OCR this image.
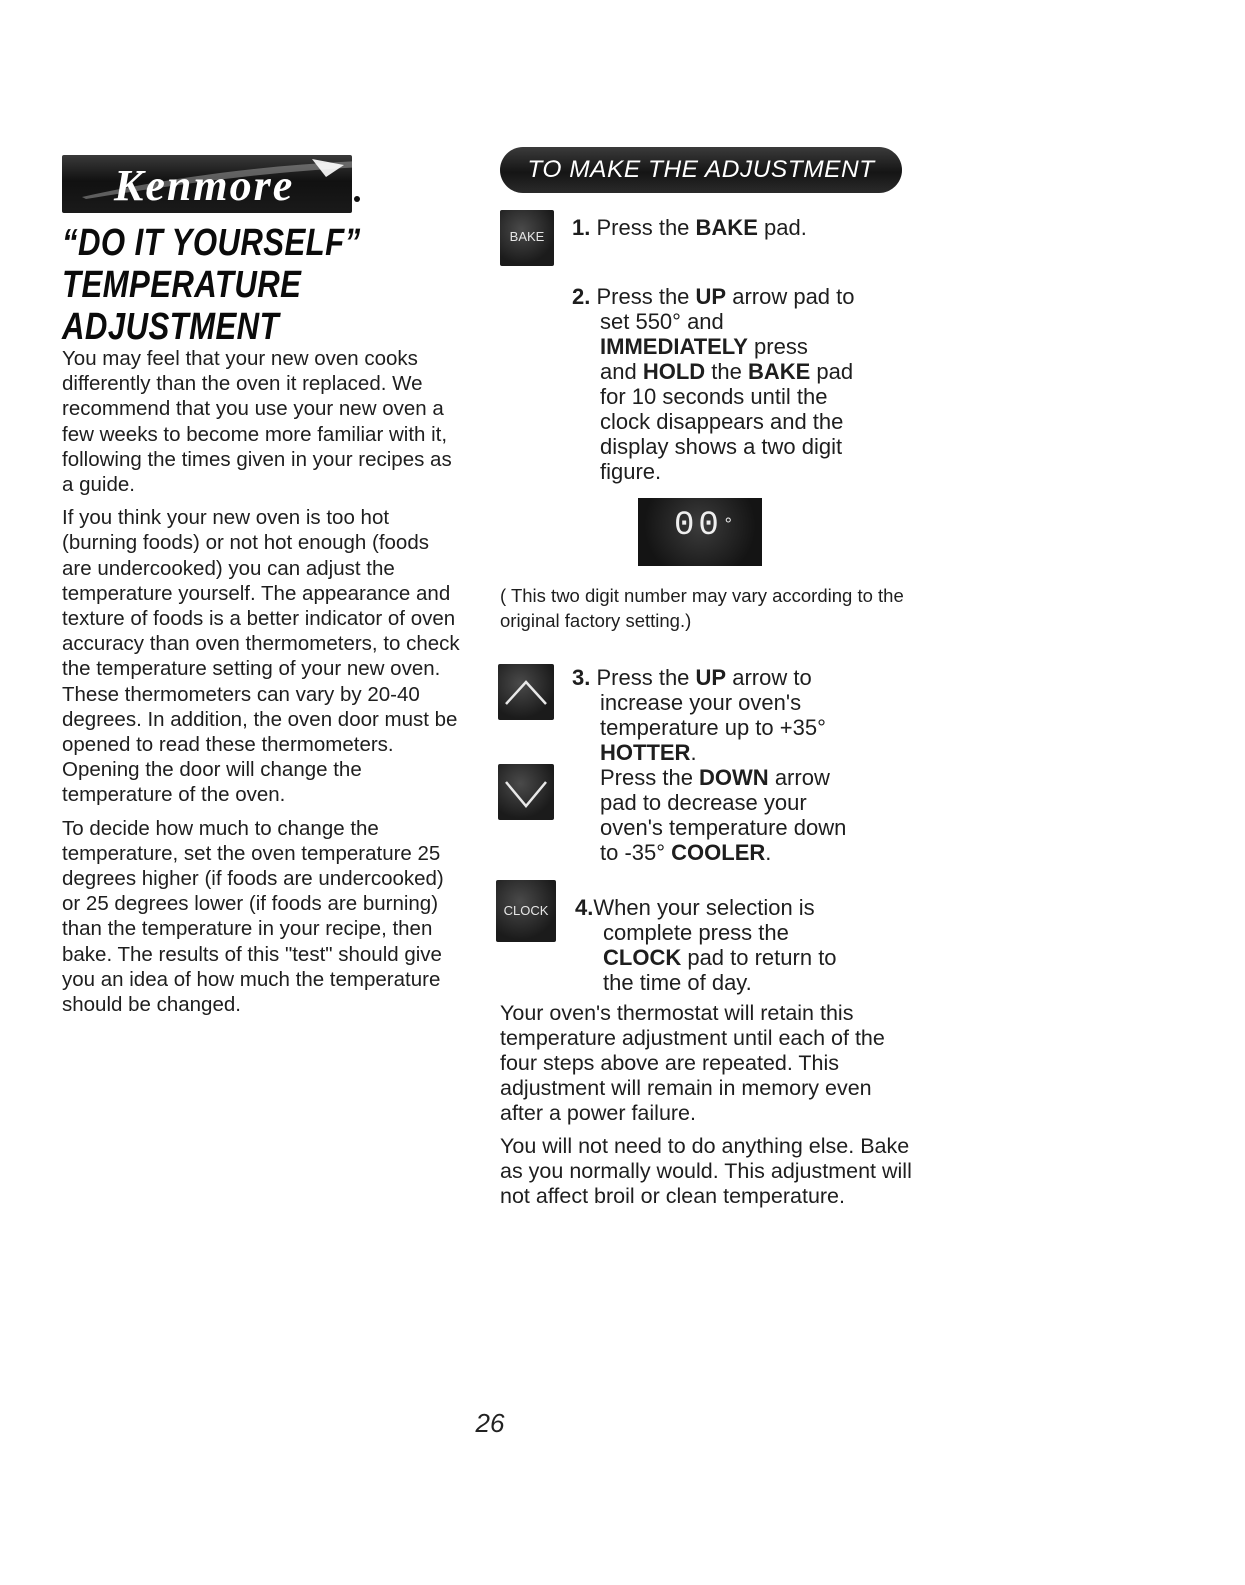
Kenmore
“DO IT YOURSELF”
TEMPERATURE
ADJUSTMENT

You may feel that your new oven cooks differently than the oven it replaced. We recommend that you use your new oven a few weeks to become more familiar with it, following the times given in your recipes as a guide.

If you think your new oven is too hot (burning foods) or not hot enough (foods are undercooked) you can adjust the temperature yourself. The appearance and texture of foods is a better indicator of oven accuracy than oven thermometers, to check the temperature setting of your new oven. These thermometers can vary by 20-40 degrees. In addition, the oven door must be opened to read these thermometers. Opening the door will change the temperature of the oven.

To decide how much to change the temperature, set the oven temperature 25 degrees higher (if foods are undercooked) or 25 degrees lower (if foods are burning) than the temperature in your recipe, then bake. The results of this "test" should give you an idea of how much the temperature should be changed.

TO MAKE THE ADJUSTMENT
BAKE	1. Press the BAKE pad.
2. Press the UP arrow pad to
set 550° and
IMMEDIATELY press
and HOLD the BAKE pad
for 10 seconds until the
clock disappears and the
display shows a two digit
figure.
00°
( This two digit number may vary according to the original factory setting.)
3. Press the UP arrow to
increase your oven's
temperature up to +35°
HOTTER.
Press the DOWN arrow
pad to decrease your
oven's temperature down
to -35° COOLER.
CLOCK	4.When your selection is
complete press the
CLOCK pad to return to
the time of day.

Your oven's thermostat will retain this temperature adjustment until each of the four steps above are repeated. This adjustment will remain in memory even after a power failure.

You will not need to do anything else. Bake as you normally would. This adjustment will not affect broil or clean temperature.

26
